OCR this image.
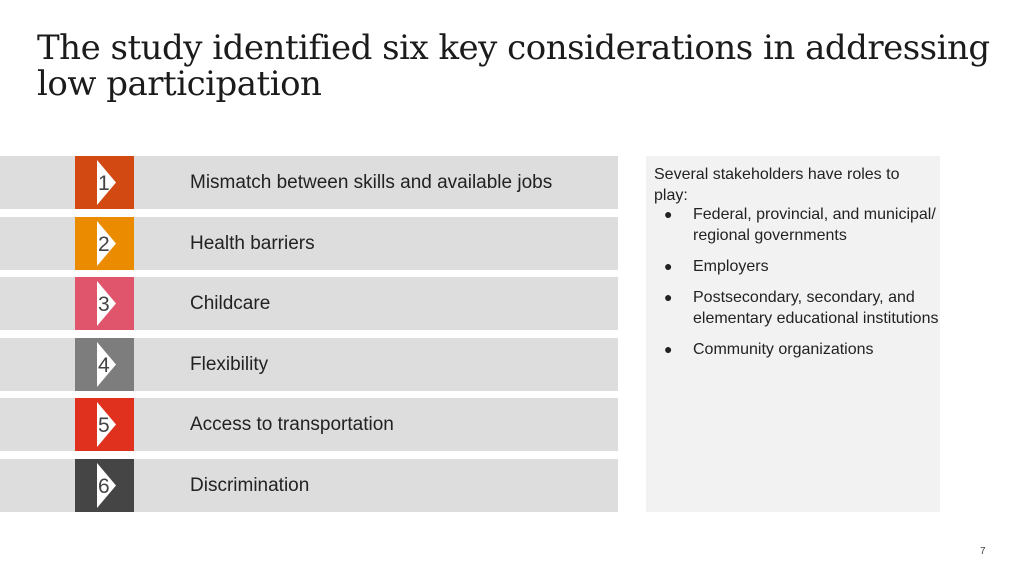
The study identified six key considerations in addressing low participation
1	Mismatch between skills and available jobs
2	Health barriers
3	Childcare
4	Flexibility
5	Access to transportation
6	Discrimination
Several stakeholders have roles to play:
● Federal, provincial, and municipal/ regional governments
● Employers
● Postsecondary, secondary, and elementary educational institutions
● Community organizations
7
